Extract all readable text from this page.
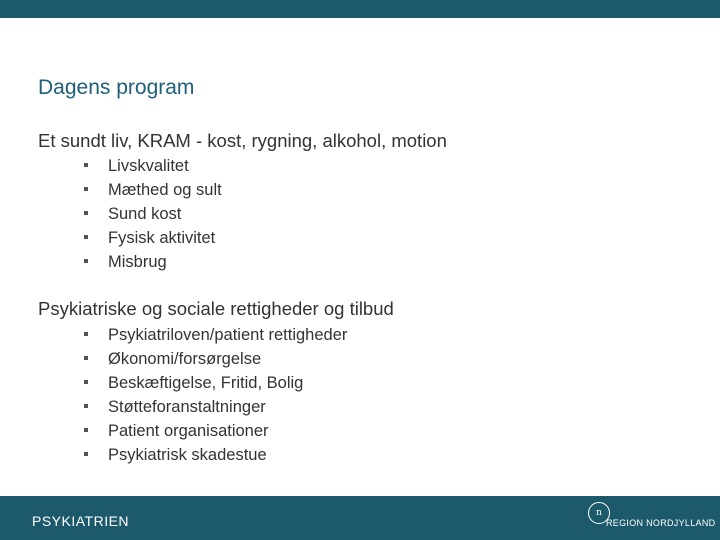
Dagens program
Et sundt liv, KRAM - kost, rygning, alkohol, motion
Livskvalitet
Mæthed og sult
Sund kost
Fysisk aktivitet
Misbrug
Psykiatriske og sociale rettigheder og tilbud
Psykiatriloven/patient rettigheder
Økonomi/forsørgelse
Beskæftigelse, Fritid, Bolig
Støtteforanstaltninger
Patient organisationer
Psykiatrisk skadestue
PSYKIATRIEN	n
REGION NORDJYLLAND
